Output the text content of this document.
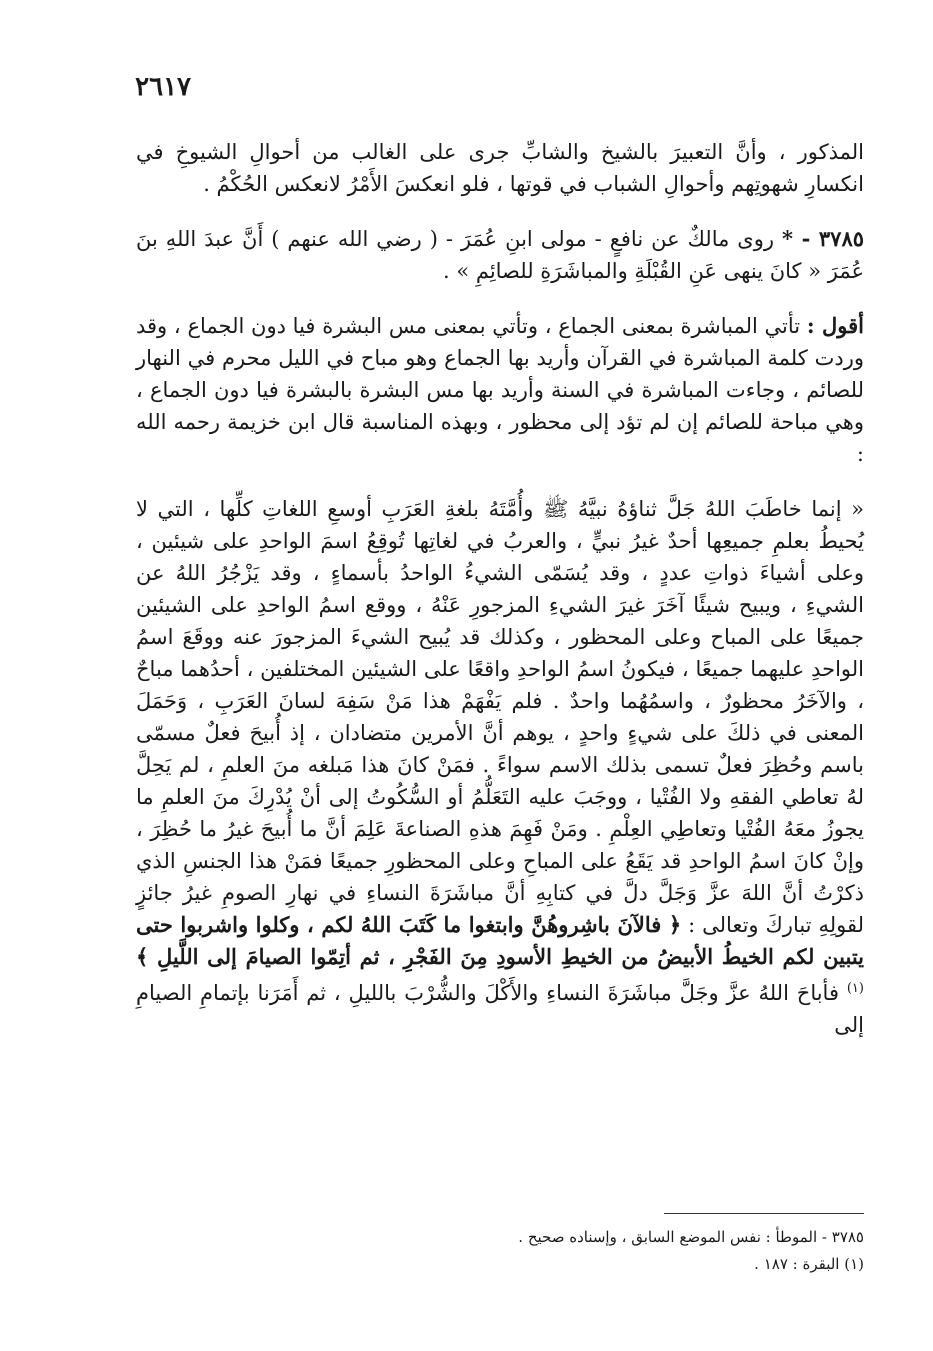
٢٦١٧

المذكور ، وأنَّ التعبيرَ بالشيخ والشابِّ جرى على الغالب من أحوالِ الشيوخِ في انكسارِ شهوتِهم وأحوالِ الشباب في قوتها ، فلو انعكسَ الأَمْرُ لانعكس الحُكْمُ .

٣٧٨٥ - * روى مالكٌ عن نافعٍ - مولى ابنِ عُمَرَ - ( رضي الله عنهم ) أَنَّ عبدَ اللهِ بنَ عُمَرَ « كانَ ينهى عَنِ القُبْلَةِ والمباشَرَةِ للصائِمِ » .

أقول : تأتي المباشرة بمعنى الجماع ، وتأتي بمعنى مس البشرة فيا دون الجماع ، وقد وردت كلمة المباشرة في القرآن وأريد بها الجماع وهو مباح في الليل محرم في النهار للصائم ، وجاءت المباشرة في السنة وأريد بها مس البشرة بالبشرة فيا دون الجماع ، وهي مباحة للصائم إن لم تؤد إلى محظور ، وبهذه المناسبة قال ابن خزيمة رحمه الله :

« إنما خاطَبَ اللهُ جَلَّ ثناؤهُ نبيَّهُ ﷺ وأُمَّتَهُ بلغةِ العَرَبِ أوسعِ اللغاتِ كلِّها ، التي لا يُحيطُ بعلمِ جميعِها أحدٌ غيرُ نبيٍّ ، والعربُ في لغاتِها تُوقِعُ اسمَ الواحدِ على شيئين ، وعلى أشياءَ ذواتِ عددٍ ، وقد يُسَمّى الشيءُ الواحدُ بأسماءٍ ، وقد يَزْجُرُ اللهُ عن الشيءِ ، ويبيح شيئًا آخَرَ غيرَ الشيءِ المزجورِ عَنْهُ ، ووقع اسمُ الواحدِ على الشيئين جميعًا على المباح وعلى المحظور ، وكذلك قد يُبيح الشيءَ المزجورَ عنه ووقَعَ اسمُ الواحدِ عليهما جميعًا ، فيكونُ اسمُ الواحدِ واقعًا على الشيئين المختلفين ، أحدُهما مباحٌ ، والآخَرُ محظورٌ ، واسمُهُما واحدٌ . فلم يَفْهَمْ هذا مَنْ سَفِهَ لسانَ العَرَبِ ، وَحَمَلَ المعنى في ذلكَ على شيءٍ واحدٍ ، يوهم أنَّ الأمرين متضادان ، إذ أُبيحَ فعلٌ مسمّى باسم وحُظِرَ فعلٌ تسمى بذلك الاسم سواءً . فمَنْ كانَ هذا مَبلغه منَ العلمِ ، لم يَحِلَّ لهُ تعاطي الفقهِ ولا الفُتْيا ، ووجَبَ عليه التَعَلُّمُ أو السُّكُوتُ إلى أنْ يُدْرِكَ منَ العلمِ ما يجوزُ معَهُ الفُتْيا وتعاطِي العِلْمِ . ومَنْ فَهِمَ هذهِ الصناعةَ عَلِمَ أنَّ ما أُبيحَ غيرُ ما حُظِرَ ، وإنْ كانَ اسمُ الواحدِ قد يَقَعُ على المباحِ وعلى المحظورِ جميعًا فمَنْ هذا الجنسِ الذي ذكرْتُ أنَّ اللهَ عزَّ وَجَلَّ دلَّ في كتابِهِ أنَّ مباشَرَةَ النساءِ في نهارِ الصومِ غيرُ جائزٍ لقولِهِ تباركَ وتعالى : ﴿ فالآنَ باشِروهُنَّ وابتغوا ما كَتَبَ اللهُ لكم ، وكلوا واشربوا حتى يتبين لكم الخيطُ الأبيضُ من الخيطِ الأسودِ مِنَ الفَجْرِ ، ثم أتِمّوا الصيامَ إلى اللَّيلِ ﴾ $^{(١)}$ فأباحَ اللهُ عزَّ وجَلَّ مباشَرَةَ النساءِ والأَكْلَ والشُّرْبَ بالليلِ ، ثم أَمَرَنا بإتمامِ الصيامِ إلى

٣٧٨٥ - الموطأ : نفس الموضع السابق ، وإسناده صحيح .

(١) البقرة : ١٨٧ .
